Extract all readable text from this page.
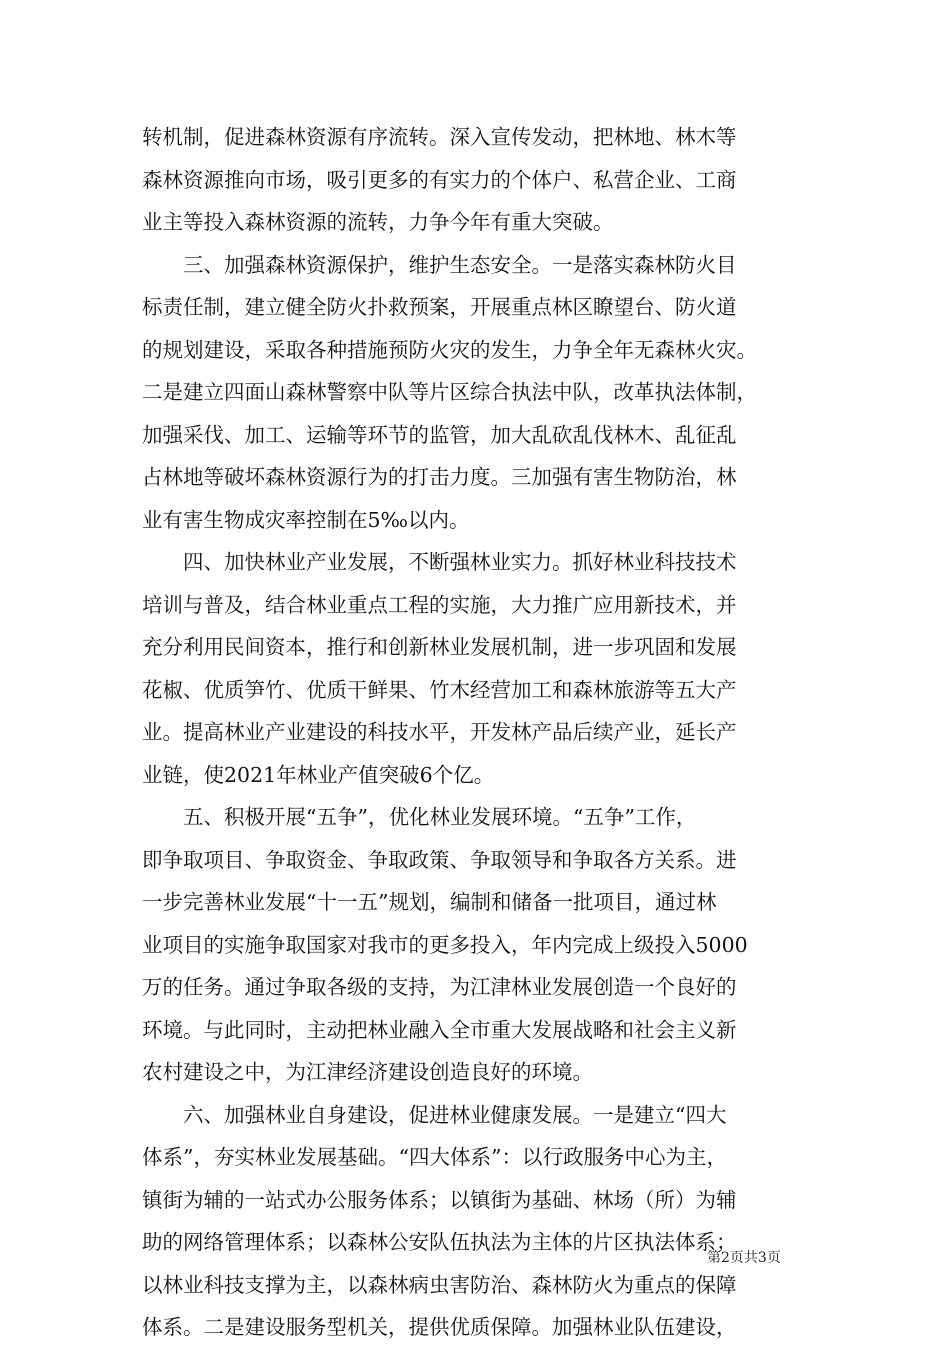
转机制，促进森林资源有序流转。深入宣传发动，把林地、林木等
森林资源推向市场，吸引更多的有实力的个体户、私营企业、工商
业主等投入森林资源的流转，力争今年有重大突破。

三、加强森林资源保护，维护生态安全。一是落实森林防火目
标责任制，建立健全防火扑救预案，开展重点林区瞭望台、防火道
的规划建设，采取各种措施预防火灾的发生，力争全年无森林火灾。
二是建立四面山森林警察中队等片区综合执法中队，改革执法体制，
加强采伐、加工、运输等环节的监管，加大乱砍乱伐林木、乱征乱
占林地等破坏森林资源行为的打击力度。三加强有害生物防治，林
业有害生物成灾率控制在5‰以内。

四、加快林业产业发展，不断强林业实力。抓好林业科技技术
培训与普及，结合林业重点工程的实施，大力推广应用新技术，并
充分利用民间资本，推行和创新林业发展机制，进一步巩固和发展
花椒、优质笋竹、优质干鲜果、竹木经营加工和森林旅游等五大产
业。提高林业产业建设的科技水平，开发林产品后续产业，延长产
业链，使2021年林业产值突破6个亿。

五、积极开展“五争”，优化林业发展环境。“五争”工作，
即争取项目、争取资金、争取政策、争取领导和争取各方关系。进
一步完善林业发展“十一五”规划，编制和储备一批项目，通过林
业项目的实施争取国家对我市的更多投入，年内完成上级投入5000
万的任务。通过争取各级的支持，为江津林业发展创造一个良好的
环境。与此同时，主动把林业融入全市重大发展战略和社会主义新
农村建设之中，为江津经济建设创造良好的环境。

六、加强林业自身建设，促进林业健康发展。一是建立“四大
体系”，夯实林业发展基础。“四大体系”：以行政服务中心为主，
镇街为辅的一站式办公服务体系；以镇街为基础、林场（所）为辅
助的网络管理体系；以森林公安队伍执法为主体的片区执法体系；
以林业科技支撑为主，以森林病虫害防治、森林防火为重点的保障
体系。二是建设服务型机关，提供优质保障。加强林业队伍建设，

第2页共3页
